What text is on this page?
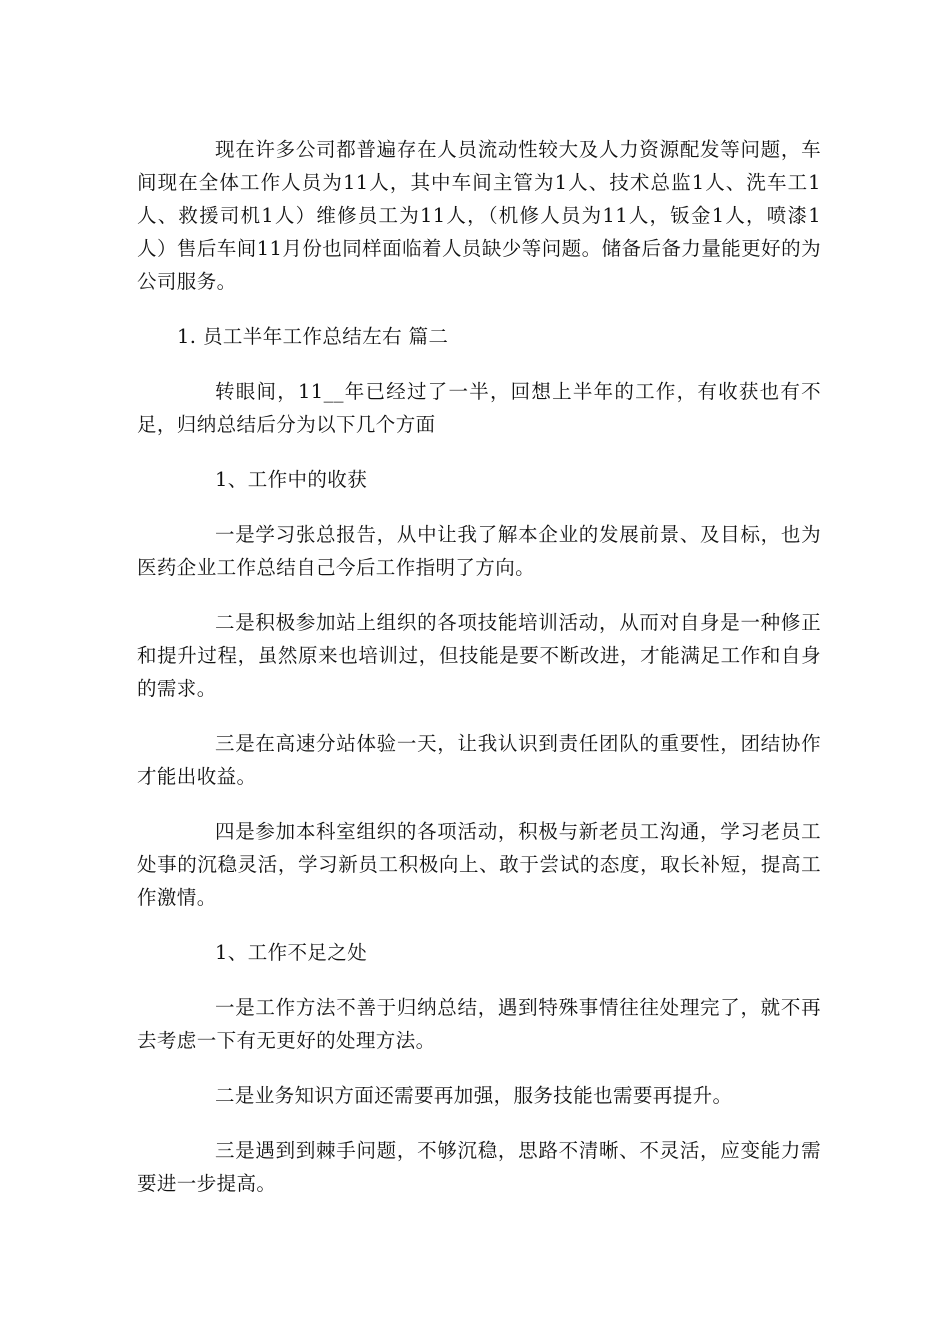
现在许多公司都普遍存在人员流动性较大及人力资源配发等问题，车间现在全体工作人员为11人，其中车间主管为1人、技术总监1人、洗车工1人、救援司机1人）维修员工为11人，（机修人员为11人，钣金1人，喷漆1人）售后车间11月份也同样面临着人员缺少等问题。储备后备力量能更好的为公司服务。

1. 员工半年工作总结左右 篇二

转眼间，11__年已经过了一半，回想上半年的工作，有收获也有不足，归纳总结后分为以下几个方面

1、工作中的收获

一是学习张总报告，从中让我了解本企业的发展前景、及目标，也为医药企业工作总结自己今后工作指明了方向。

二是积极参加站上组织的各项技能培训活动，从而对自身是一种修正和提升过程，虽然原来也培训过，但技能是要不断改进，才能满足工作和自身的需求。

三是在高速分站体验一天，让我认识到责任团队的重要性，团结协作才能出收益。

四是参加本科室组织的各项活动，积极与新老员工沟通，学习老员工处事的沉稳灵活，学习新员工积极向上、敢于尝试的态度，取长补短，提高工作激情。

1、工作不足之处

一是工作方法不善于归纳总结，遇到特殊事情往往处理完了，就不再去考虑一下有无更好的处理方法。

二是业务知识方面还需要再加强，服务技能也需要再提升。

三是遇到到棘手问题，不够沉稳，思路不清晰、不灵活，应变能力需要进一步提高。
